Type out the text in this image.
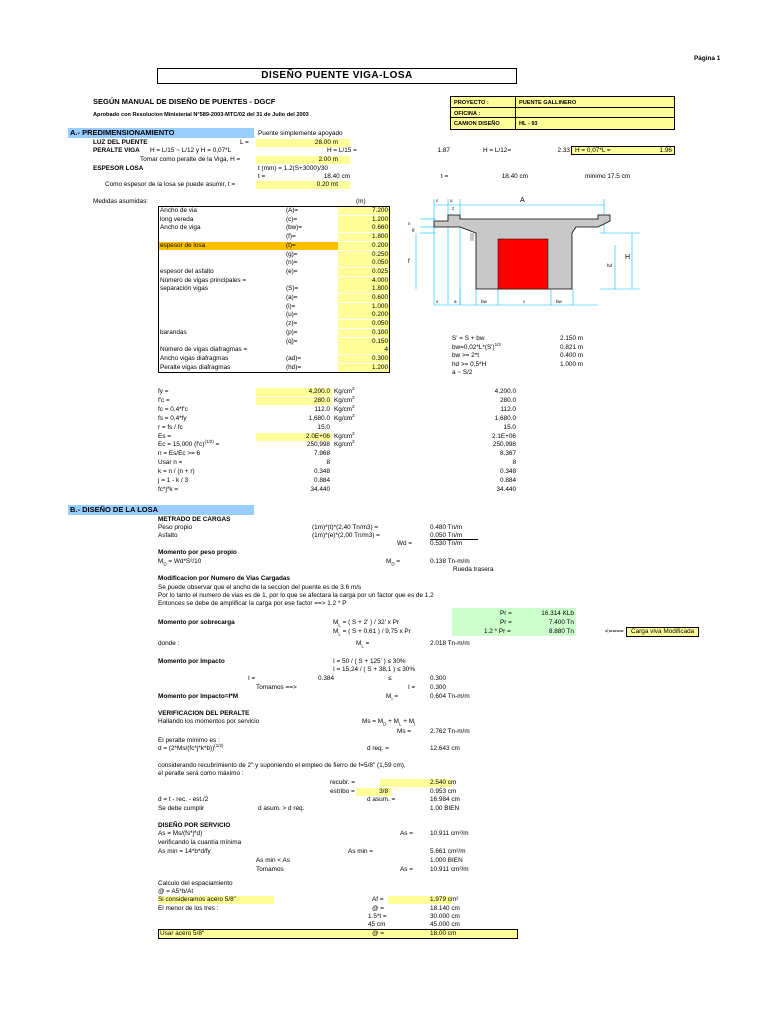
Página 1
DISEÑO PUENTE VIGA-LOSA
SEGÚN MANUAL DE DISEÑO DE PUENTES - DGCF
Aprobado con Resolucion Ministerial N°589-2003-MTC/02 del 31 de Julio del 2003
PROYECTO :	PUENTE GALLINERO
OFICINA :
CAMION DISEÑO	HL - 93
A.- PREDIMENSIONAMIENTO	Puente simplemente apoyado
LUZ DEL PUENTE	L =	28.00 m
PERALTE VIGA H = L/15 ~ L/12 y H = 0,07*L	H = L/15 =	1.87	H = L/12=	2.33 H = 0,07*L =	1.96
Tomar como peralte de la Viga, H =	2.00 m
ESPESOR LOSA	t (mm) = 1.2(S+3000)/30
t =	18.40 cm	t =	18.40 cm	minimo 17.5 cm
Como espesor de la losa se puede asumir, t =	0.20 mt
Medidas asumidas:	(m)
Ancho de via	(A)=	7.200
long vereda	(c)=	1.200
Ancho de viga	(bw)=	0.660
(f)=	1.800
espesor de losa	(t)=	0.200
(g)=	0.250
(n)=	0.050
espesor del asfalto	(e)=	0.025
Número de vigas principales =	4.000
separación vigas	(S)=	1.800
(a)=	0.600
(i)=	1.000
(u)=	0.200
(z)=	0.050
barandas	(p)=	0.100
(q)=	0.150
Número de vigas diafragmas =	4
Ancho vigas diafragmas	(ad)=	0.300
Peralte vigas diafragmas	(hd)=	1.200
A
c	u
z
n
g
f
H
hd
s	a	bw	c	bw
S' = S + bw	2.150 m
$bw=0,02*L*(S')^{1/2}$	0.821 m
bw >= 2*t	0.400 m
hd >= 0,5*H	1.000 m
a ~ S/2
fy =	4,200.0 $Kg/cm^2$	4,200.0
f'c =	280.0 $Kg/cm^2$	280.0
fc = 0,4*f'c	112.0 $Kg/cm^2$	112.0
fs = 0,4*fy	1,680.0 $Kg/cm^2$	1,680.0
r = fs / fc	15.0	15.0
Es =	2.0E+06 $Kg/cm^2$	2.1E+06
Ec = 15,000 $(f'c)^{(1/2)}$ =	250,998 $Kg/cm^2$	250,998
n = Es/Ec >= 6	7.968	8.367
Usar n =	8	8
k = n / (n + r)	0.348	0.348
j = 1 - k / 3	0.884	0.884
fc*j*k =	34.440	34.440
B.- DISEÑO DE LA LOSA
METRADO DE CARGAS
Peso propio	(1m)*(t)*(2,40 Tn/m3) =	0.480 Tn/m
Asfalto	(1m)*(e)*(2,00 Tn/m3) =	0.050 Tn/m
Wd =	0.530 Tn/m
Momento por peso propio
$M_D = Wd*S^2/10$	$M_D$ =	0.138 Tn-m/m
Rueda trasera
Modificacion por Numero de Vias Cargadas
Se puede observar que el ancho de la seccion del puente es de 3.6 m/s
Por lo tanto el numero de vias es de 1, por lo que se afectara la carga por un factor que es de 1.2
Entonces se debe de amplificar la carga por ese factor ==> 1.2 * P
Pr =	16.314 KLb
Pr =	7.400 Tn
1.2 * Pr =	8.880 Tn	<====	Carga viva Modificada
Momento por sobrecarga	$M_L$ = ( S + 2' ) / 32' x Pr
$M_L$ = ( S + 0,61 ) / 9,75 x Pr
donde :	$M_L$ =	2.018 Tn-m/m
Momento por Impacto	I = 50 / ( S + 125' ) ≤ 30%
I = 15,24 / ( S + 38,1 ) ≤ 30%
I =	0.384	≤	0.300
Tomamos ==>	I = 0.300
Momento por Impacto=I*M	$M_I$ =	0.604 Tn-m/m
VERIFICACION DEL PERALTE
Hallando los momentos por servicio	$Ms = M_D + M_L + M_I$
Ms =	2.762 Tn-m/m
El peralte mínimo es :
$d = (2*Ms/(fc*j*k*b))^{(1/2)}$	d req. =	12.643 cm
considerando recubrimiento de 2" y suponiendo el empleo de fierro de f=5/8" (1,59 cm),
el peralte será como máximo :
recubr. =	2.540 cm
estribo =	3/8	0.953 cm
d = t - rec. - est./2	d asum. =	16.984 cm
Se debe cumplir	d asum. > d req.	1.00 BIEN
DISEÑO POR SERVICIO
As = Ms/(fs*j*d)	As =	10.911 cm²/m
verificando la cuantía mínima
As min = 14*b*d/fy	As min =	5.661 cm²/m
As min < As	1.000 BIEN
Tomamos	As =	10.911 cm²/m
Calculo del espaciamiento
@ = A5*b/At
Si consideramos acero 5/8"	Af =	1.979 cm²
@ =	18.140 cm
El menor de los tres :
1.5*t =	30.000 cm
45 cm	45.000 cm
Usar acero 5/8"	@ =	18.00 cm
